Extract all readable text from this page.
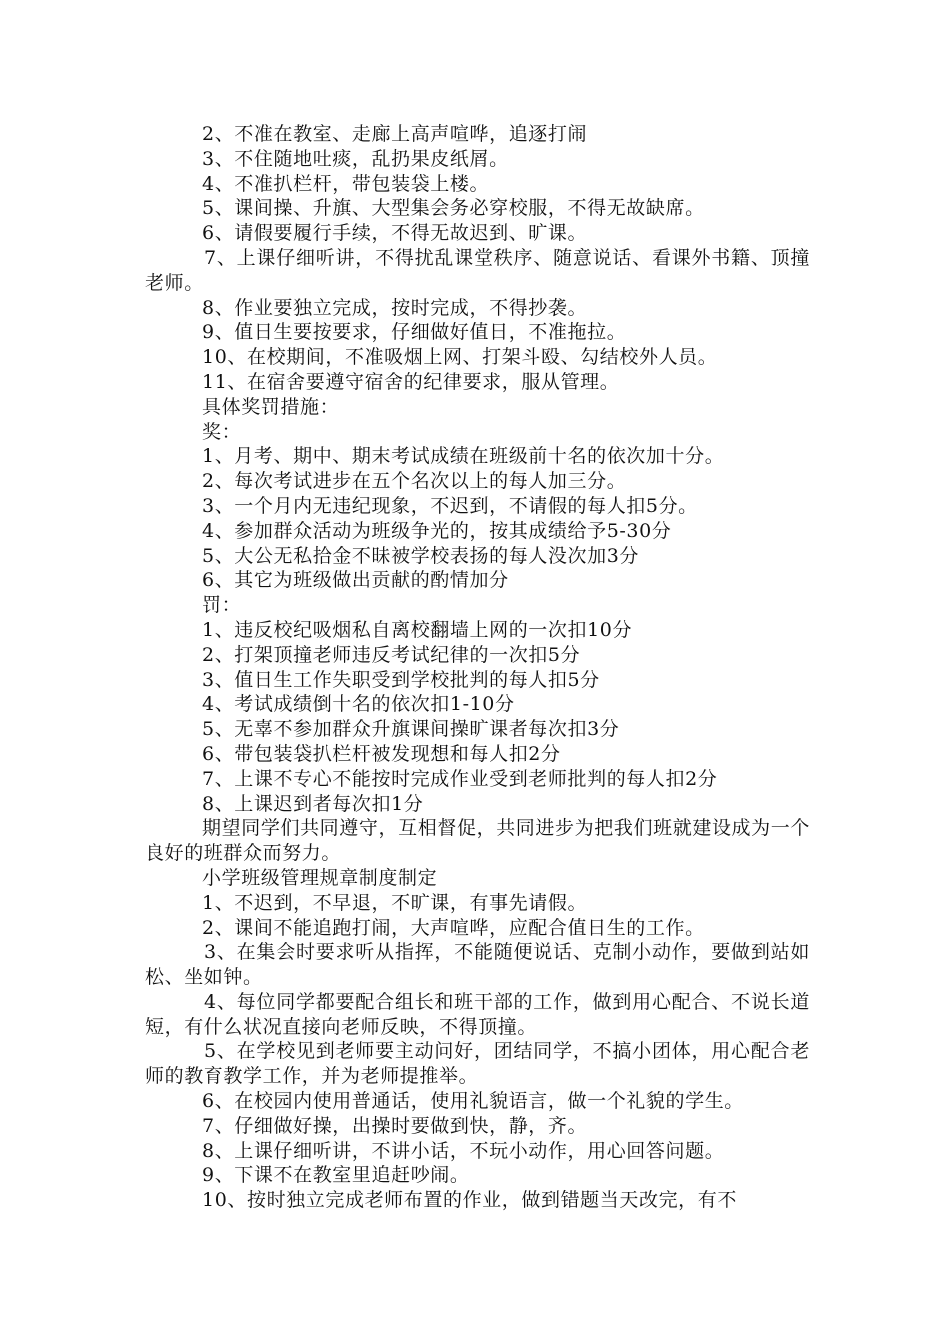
2、不准在教室、走廊上高声喧哗，追逐打闹

3、不住随地吐痰，乱扔果皮纸屑。

4、不准扒栏杆，带包装袋上楼。

5、课间操、升旗、大型集会务必穿校服，不得无故缺席。

6、请假要履行手续，不得无故迟到、旷课。

7、上课仔细听讲，不得扰乱课堂秩序、随意说话、看课外书籍、顶撞老师。

8、作业要独立完成，按时完成，不得抄袭。

9、值日生要按要求，仔细做好值日，不准拖拉。

10、在校期间，不准吸烟上网、打架斗殴、勾结校外人员。

11、在宿舍要遵守宿舍的纪律要求，服从管理。

具体奖罚措施：

奖：

1、月考、期中、期末考试成绩在班级前十名的依次加十分。

2、每次考试进步在五个名次以上的每人加三分。

3、一个月内无违纪现象，不迟到，不请假的每人扣5分。

4、参加群众活动为班级争光的，按其成绩给予5-30分

5、大公无私拾金不昧被学校表扬的每人没次加3分

6、其它为班级做出贡献的酌情加分

罚：

1、违反校纪吸烟私自离校翻墙上网的一次扣10分

2、打架顶撞老师违反考试纪律的一次扣5分

3、值日生工作失职受到学校批判的每人扣5分

4、考试成绩倒十名的依次扣1-10分

5、无辜不参加群众升旗课间操旷课者每次扣3分

6、带包装袋扒栏杆被发现想和每人扣2分

7、上课不专心不能按时完成作业受到老师批判的每人扣2分

8、上课迟到者每次扣1分

期望同学们共同遵守，互相督促，共同进步为把我们班就建设成为一个良好的班群众而努力。

小学班级管理规章制度制定

1、不迟到，不早退，不旷课，有事先请假。

2、课间不能追跑打闹，大声喧哗，应配合值日生的工作。

3、在集会时要求听从指挥，不能随便说话、克制小动作，要做到站如松、坐如钟。

4、每位同学都要配合组长和班干部的工作，做到用心配合、不说长道短，有什么状况直接向老师反映，不得顶撞。

5、在学校见到老师要主动问好，团结同学，不搞小团体，用心配合老师的教育教学工作，并为老师提推举。

6、在校园内使用普通话，使用礼貌语言，做一个礼貌的学生。

7、仔细做好操，出操时要做到快，静，齐。

8、上课仔细听讲，不讲小话，不玩小动作，用心回答问题。

9、下课不在教室里追赶吵闹。

10、按时独立完成老师布置的作业，做到错题当天改完，有不
